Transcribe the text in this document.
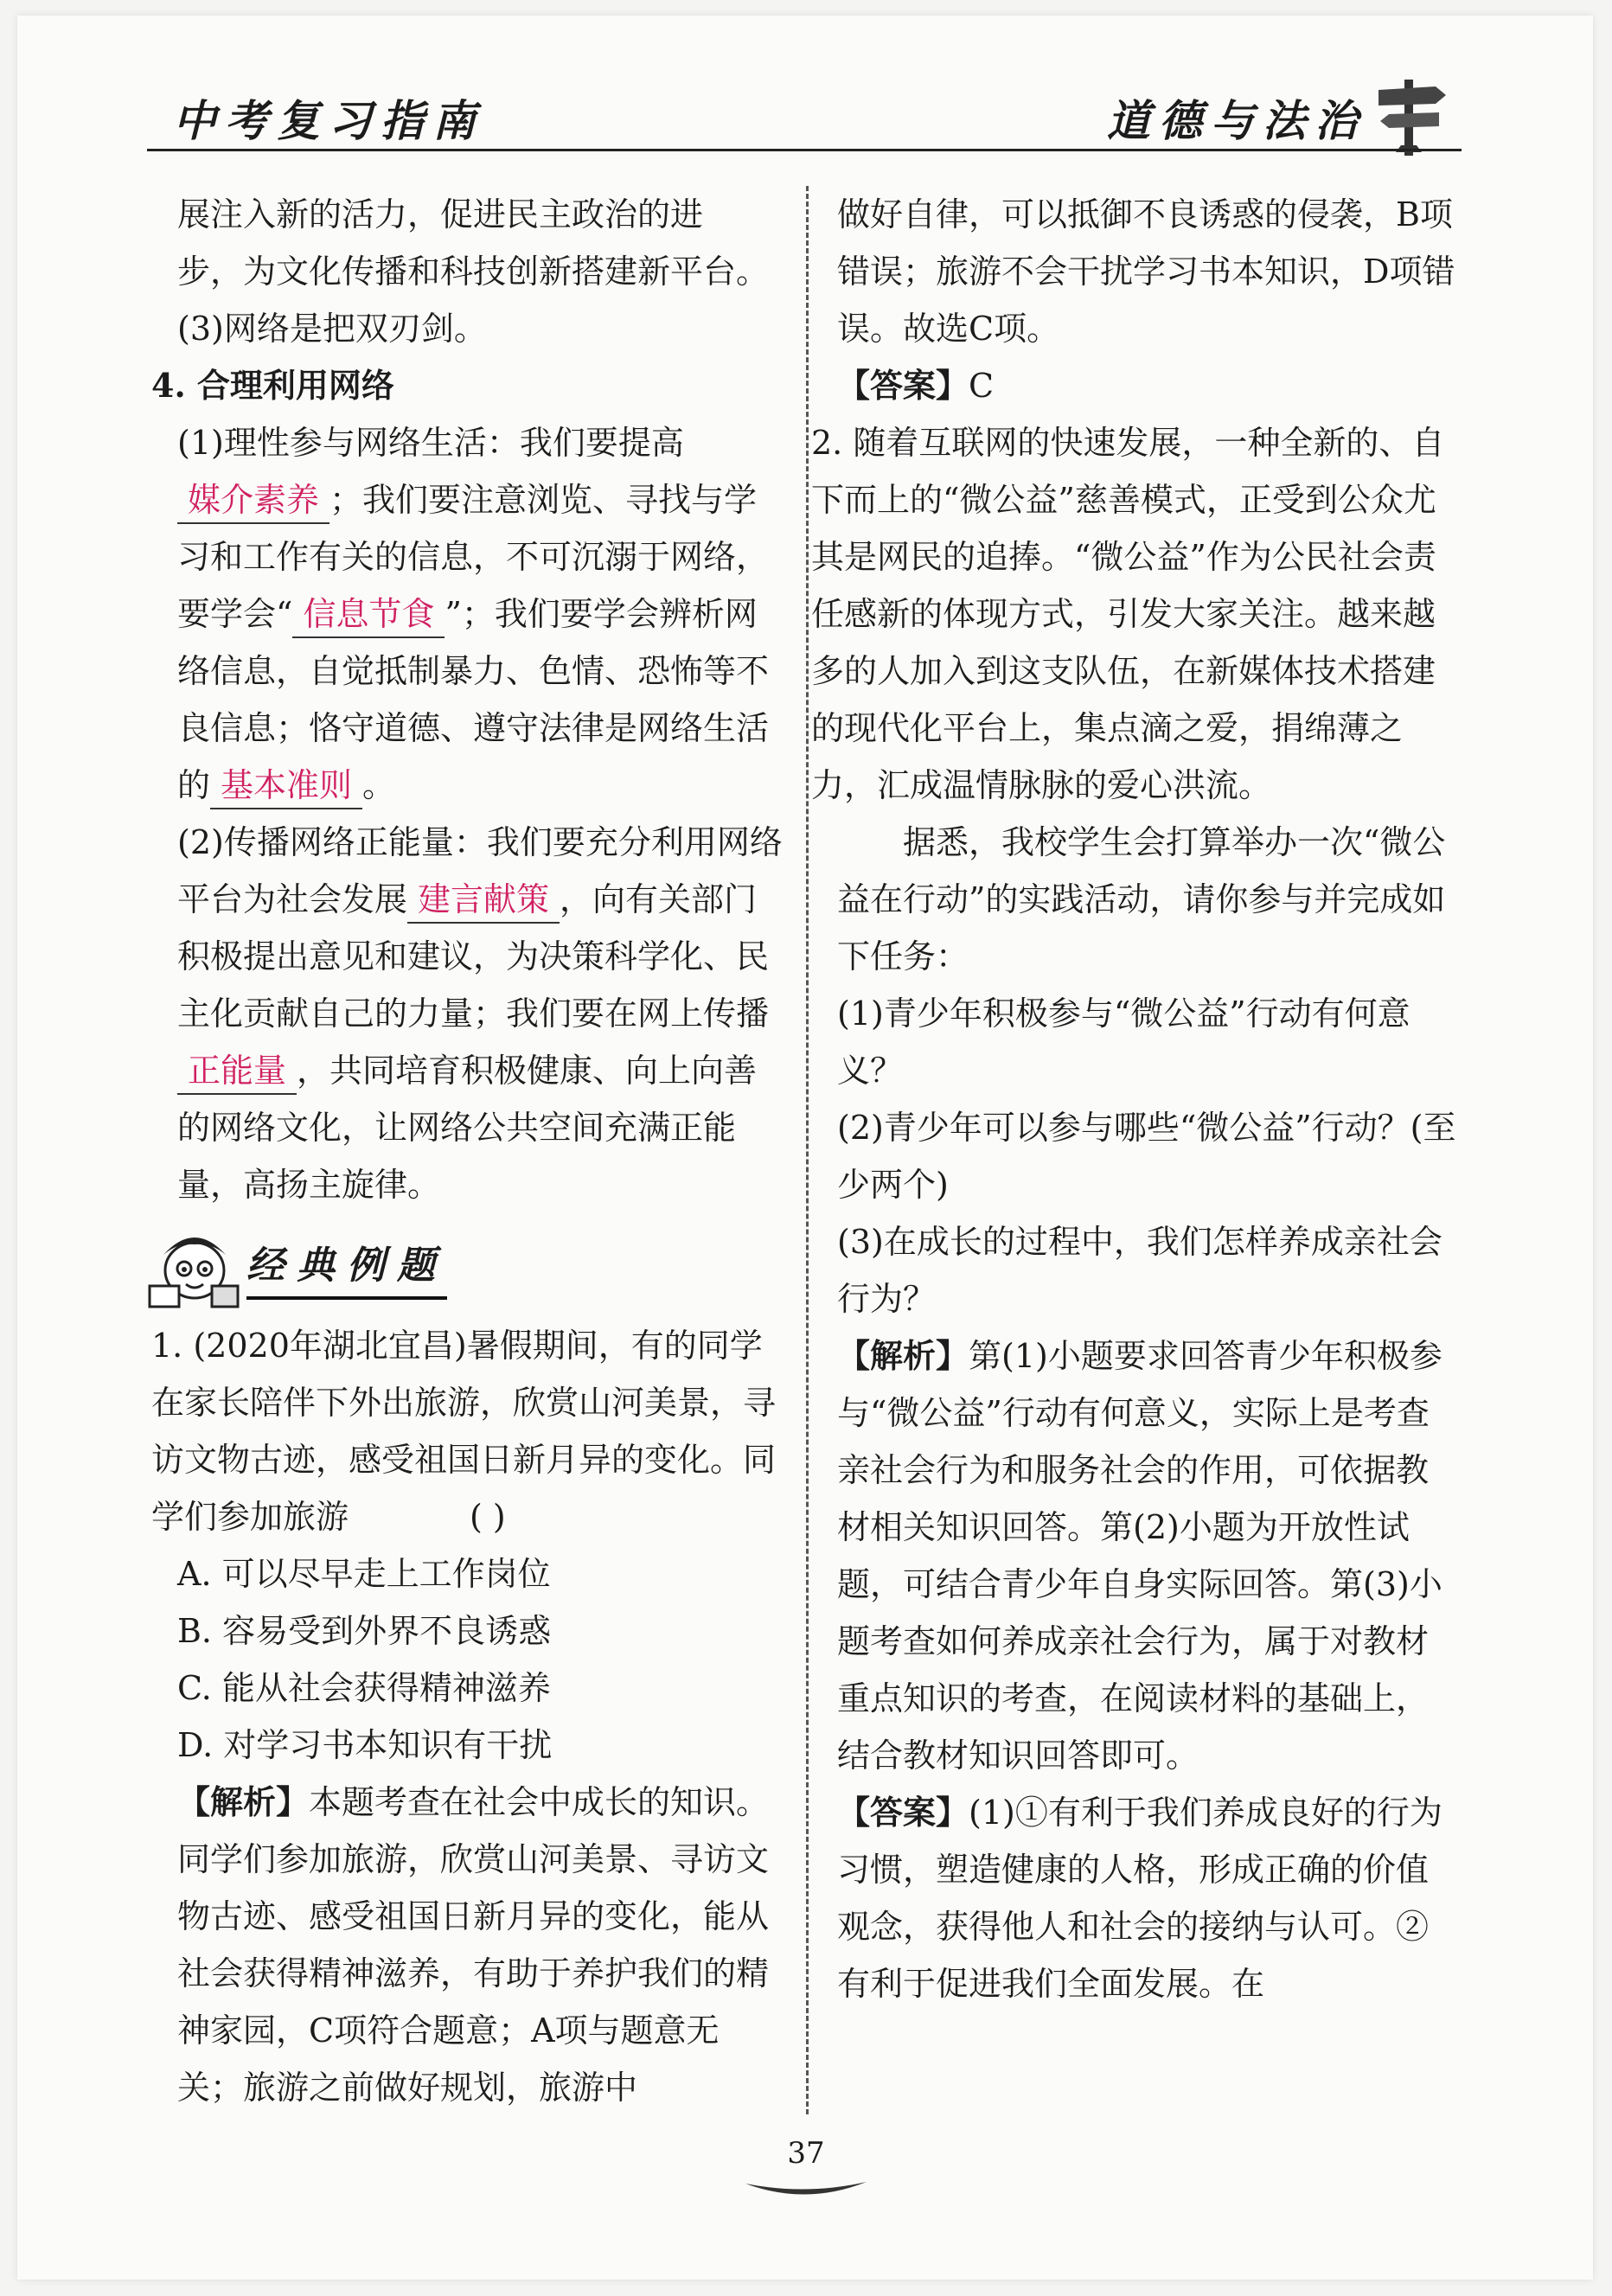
中考复习指南	道德与法治

展注入新的活力，促进民主政治的进

步，为文化传播和科技创新搭建新平台。

(3)网络是把双刃剑。

4. 合理利用网络

(1)理性参与网络生活：我们要提高媒介素养 ；我们要注意浏览、寻找与学习和工作有关的信息，不可沉溺于网络，要学会“ 信息节食 ”；我们要学会辨析网络信息，自觉抵制暴力、色情、恐怖等不良信息；恪守道德、遵守法律是网络生活的 基本准则 。

(2)传播网络正能量：我们要充分利用网络平台为社会发展 建言献策 ，向有关部门积极提出意见和建议，为决策科学化、民主化贡献自己的力量；我们要在网上传播正能量 ，共同培育积极健康、向上向善的网络文化，让网络公共空间充满正能量，高扬主旋律。

经典例题

1. (2020年湖北宜昌)暑假期间，有的同学在家长陪伴下外出旅游，欣赏山河美景，寻访文物古迹，感受祖国日新月异的变化。同学们参加旅游	( )

A. 可以尽早走上工作岗位

B. 容易受到外界不良诱惑

C. 能从社会获得精神滋养

D. 对学习书本知识有干扰

【解析】本题考查在社会中成长的知识。同学们参加旅游，欣赏山河美景、寻访文物古迹、感受祖国日新月异的变化，能从社会获得精神滋养，有助于养护我们的精神家园，C项符合题意；A项与题意无关；旅游之前做好规划，旅游中

做好自律，可以抵御不良诱惑的侵袭，B项错误；旅游不会干扰学习书本知识，D项错误。故选C项。

【答案】C

2. 随着互联网的快速发展，一种全新的、自下而上的“微公益”慈善模式，正受到公众尤其是网民的追捧。“微公益”作为公民社会责任感新的体现方式，引发大家关注。越来越多的人加入到这支队伍，在新媒体技术搭建的现代化平台上，集点滴之爱，捐绵薄之力，汇成温情脉脉的爱心洪流。

据悉，我校学生会打算举办一次“微公益在行动”的实践活动，请你参与并完成如下任务：

(1)青少年积极参与“微公益”行动有何意义？

(2)青少年可以参与哪些“微公益”行动？(至少两个)

(3)在成长的过程中，我们怎样养成亲社会行为？

【解析】第(1)小题要求回答青少年积极参与“微公益”行动有何意义，实际上是考查亲社会行为和服务社会的作用，可依据教材相关知识回答。第(2)小题为开放性试题，可结合青少年自身实际回答。第(3)小题考查如何养成亲社会行为，属于对教材重点知识的考查，在阅读材料的基础上，结合教材知识回答即可。

【答案】(1)①有利于我们养成良好的行为习惯，塑造健康的人格，形成正确的价值观念，获得他人和社会的接纳与认可。②有利于促进我们全面发展。在

37
